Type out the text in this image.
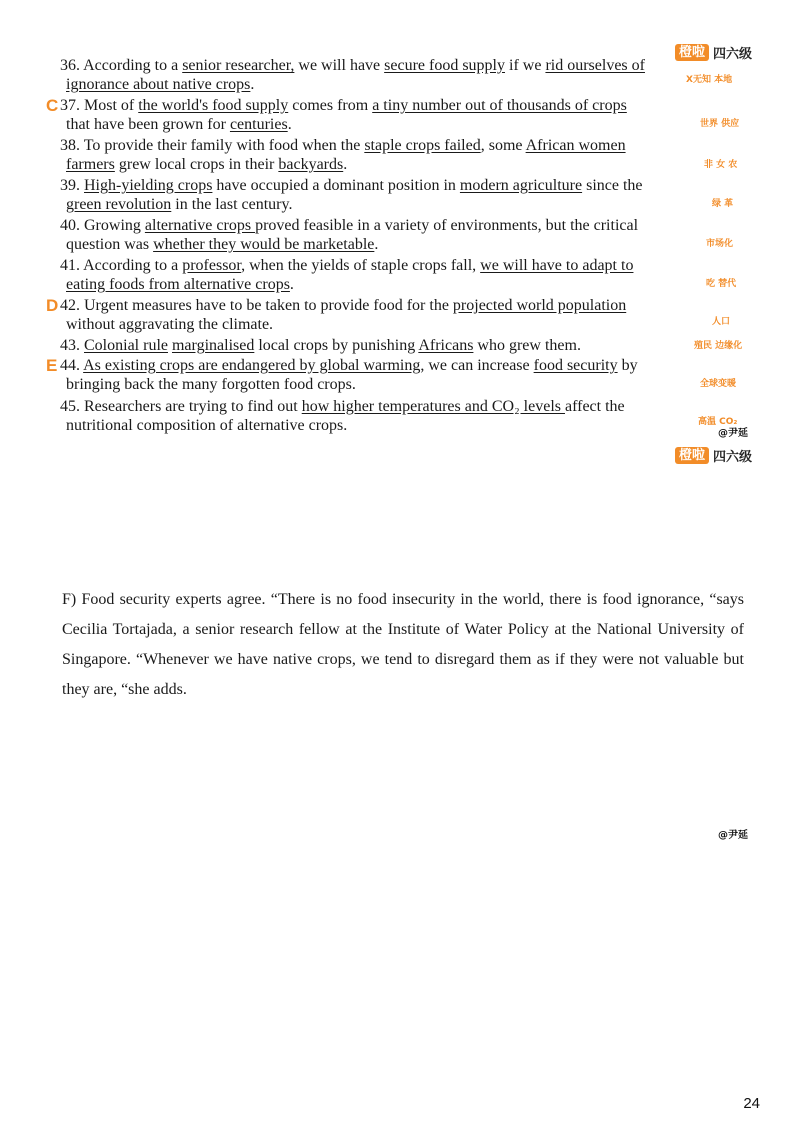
橙啦 四六级
36. According to a senior researcher, we will have secure food supply if we rid ourselves of
ignorance about native crops.
C 37. Most of the world's food supply comes from a tiny number out of thousands of crops
that have been grown for centuries.
38. To provide their family with food when the staple crops failed, some African women
farmers grew local crops in their backyards.
39. High-yielding crops have occupied a dominant position in modern agriculture since the
green revolution in the last century.
40. Growing alternative crops proved feasible in a variety of environments, but the critical
question was whether they would be marketable.
41. According to a professor, when the yields of staple crops fall, we will have to adapt to
eating foods from alternative crops.
D 42. Urgent measures have to be taken to provide food for the projected world population
without aggravating the climate.
43. Colonial rule marginalised local crops by punishing Africans who grew them.
E 44. As existing crops are endangered by global warming, we can increase food security by
bringing back the many forgotten food crops.
45. Researchers are trying to find out how higher temperatures and CO₂ levels affect the
nutritional composition of alternative crops.
X无知 本地
世界 供应
非 女 农
绿 革
市场化
吃 替代
人口
殖民 边缘化
全球变暖
高温 CO₂
@尹延
橙啦 四六级
F) Food security experts agree. “There is no food insecurity in the world, there is food ignorance, “says Cecilia Tortajada, a senior research fellow at the Institute of Water Policy at the National University of Singapore. “Whenever we have native crops, we tend to disregard them as if they were not valuable but they are, “she adds.
@尹延
24
